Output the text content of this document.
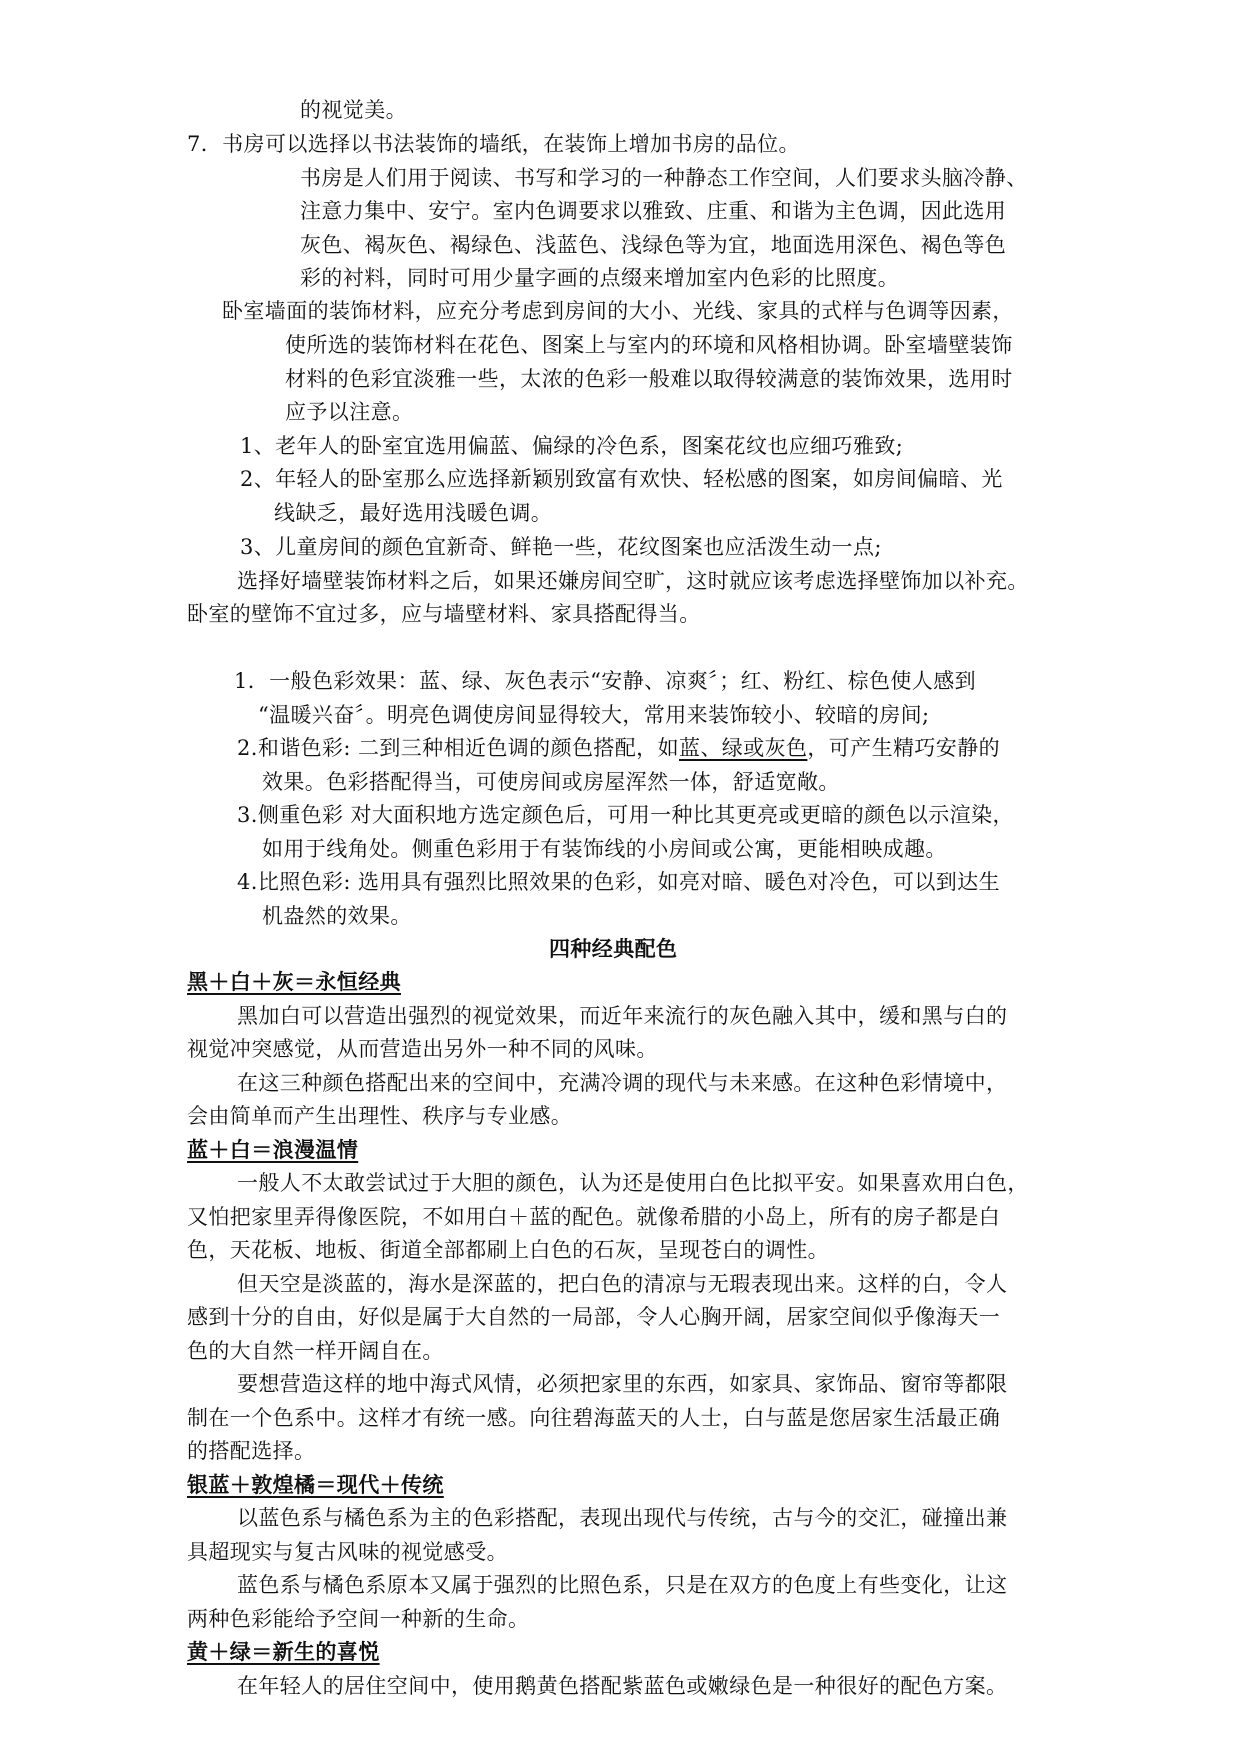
的视觉美。
7．书房可以选择以书法装饰的墙纸，在装饰上增加书房的品位。
书房是人们用于阅读、书写和学习的一种静态工作空间，人们要求头脑冷静、
注意力集中、安宁。室内色调要求以雅致、庄重、和谐为主色调，因此选用
灰色、褐灰色、褐绿色、浅蓝色、浅绿色等为宜，地面选用深色、褐色等色
彩的衬料，同时可用少量字画的点缀来增加室内色彩的比照度。
卧室墙面的装饰材料，应充分考虑到房间的大小、光线、家具的式样与色调等因素，
使所选的装饰材料在花色、图案上与室内的环境和风格相协调。卧室墙壁装饰
材料的色彩宜淡雅一些，太浓的色彩一般难以取得较满意的装饰效果，选用时
应予以注意。
1、老年人的卧室宜选用偏蓝、偏绿的冷色系，图案花纹也应细巧雅致;
2、年轻人的卧室那么应选择新颖别致富有欢快、轻松感的图案，如房间偏暗、光
线缺乏，最好选用浅暖色调。
3、儿童房间的颜色宜新奇、鲜艳一些，花纹图案也应活泼生动一点;
选择好墙壁装饰材料之后，如果还嫌房间空旷，这时就应该考虑选择壁饰加以补充。
卧室的壁饰不宜过多，应与墙壁材料、家具搭配得当。
1．一般色彩效果：蓝、绿、灰色表示“安静、凉爽〞；红、粉红、棕色使人感到
“温暖兴奋〞。明亮色调使房间显得较大，常用来装饰较小、较暗的房间;
2.和谐色彩: 二到三种相近色调的颜色搭配，如蓝、绿或灰色，可产生精巧安静的
效果。色彩搭配得当，可使房间或房屋浑然一体，舒适宽敞。
3.侧重色彩 对大面积地方选定颜色后，可用一种比其更亮或更暗的颜色以示渲染，
如用于线角处。侧重色彩用于有装饰线的小房间或公寓，更能相映成趣。
4.比照色彩: 选用具有强烈比照效果的色彩，如亮对暗、暖色对冷色，可以到达生
机盎然的效果。
四种经典配色
黑＋白＋灰＝永恒经典
黑加白可以营造出强烈的视觉效果，而近年来流行的灰色融入其中，缓和黑与白的
视觉冲突感觉，从而营造出另外一种不同的风味。
在这三种颜色搭配出来的空间中，充满冷调的现代与未来感。在这种色彩情境中，
会由简单而产生出理性、秩序与专业感。
蓝＋白＝浪漫温情
一般人不太敢尝试过于大胆的颜色，认为还是使用白色比拟平安。如果喜欢用白色，
又怕把家里弄得像医院，不如用白＋蓝的配色。就像希腊的小岛上，所有的房子都是白
色，天花板、地板、街道全部都刷上白色的石灰，呈现苍白的调性。
但天空是淡蓝的，海水是深蓝的，把白色的清凉与无瑕表现出来。这样的白，令人
感到十分的自由，好似是属于大自然的一局部，令人心胸开阔，居家空间似乎像海天一
色的大自然一样开阔自在。
要想营造这样的地中海式风情，必须把家里的东西，如家具、家饰品、窗帘等都限
制在一个色系中。这样才有统一感。向往碧海蓝天的人士，白与蓝是您居家生活最正确
的搭配选择。
银蓝＋敦煌橘＝现代＋传统
以蓝色系与橘色系为主的色彩搭配，表现出现代与传统，古与今的交汇，碰撞出兼
具超现实与复古风味的视觉感受。
蓝色系与橘色系原本又属于强烈的比照色系，只是在双方的色度上有些变化，让这
两种色彩能给予空间一种新的生命。
黄＋绿＝新生的喜悦
在年轻人的居住空间中，使用鹅黄色搭配紫蓝色或嫩绿色是一种很好的配色方案。
